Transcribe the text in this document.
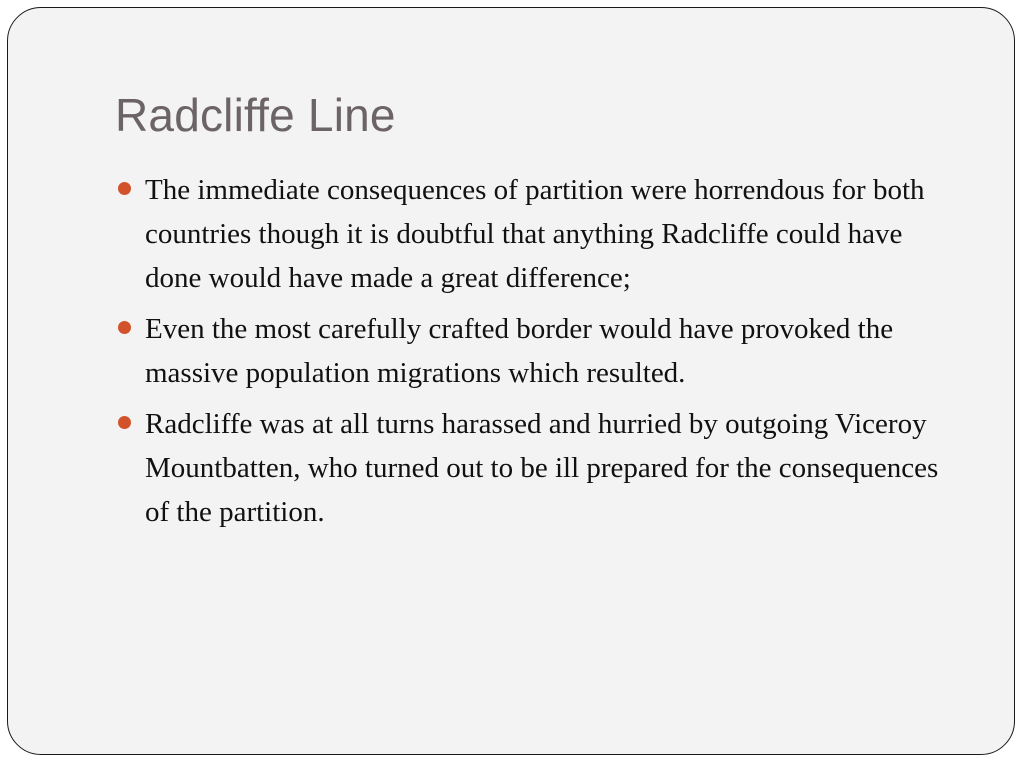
Radcliffe Line
The immediate consequences of partition were horrendous for both countries though it is doubtful that anything Radcliffe could have done would have made a great difference;
Even the most carefully crafted border would have provoked the massive population migrations which resulted.
Radcliffe was at all turns harassed and hurried by outgoing Viceroy Mountbatten, who turned out to be ill prepared for the consequences of the partition.
